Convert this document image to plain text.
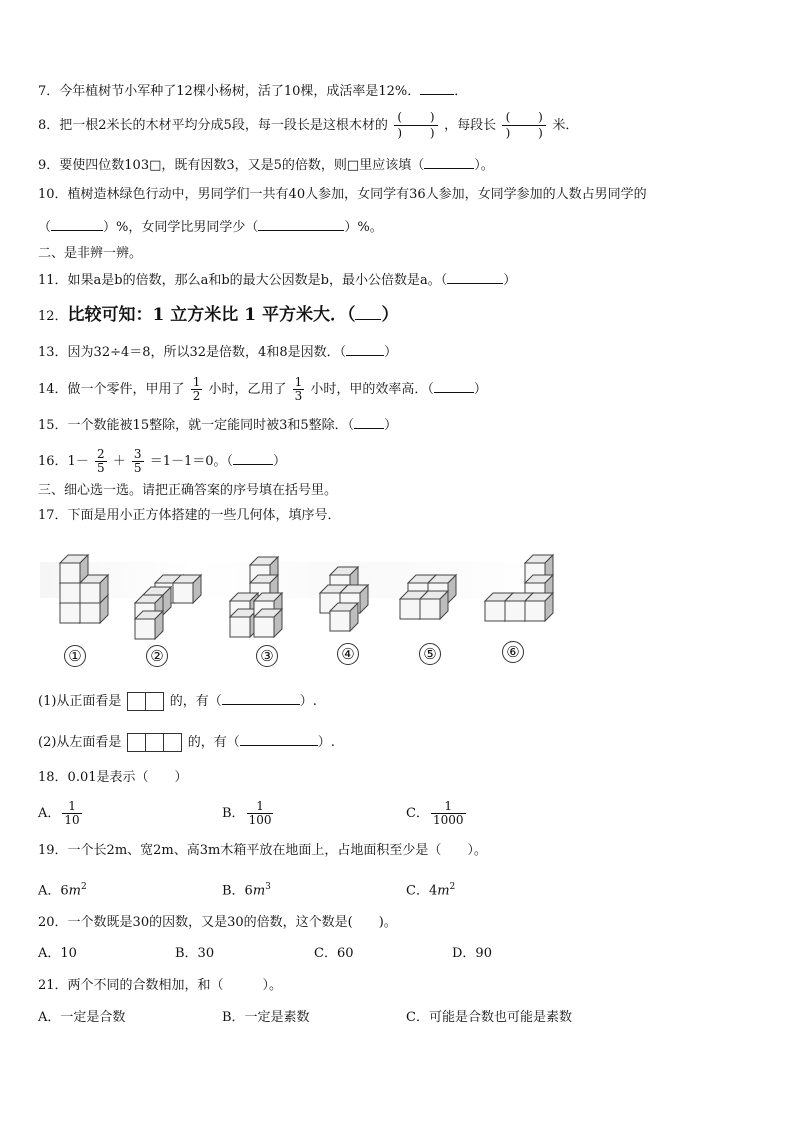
7．今年植树节小军种了12棵小杨树，活了10棵，成活率是12%．	．
8．把一根2米长的木材平均分成5段，每一段长是这根木材的
(　　 )
)　　 ) ，每段长
(　　 )
)　　 ) 米．
9．要使四位数103□，既有因数3，又是5的倍数，则□里应该填（	）。
10．植树造林绿色行动中，男同学们一共有40人参加，女同学有36人参加，女同学参加的人数占男同学的
（	）%，女同学比男同学少（	）%。
二、是非辨一辨。
11．如果a是b的倍数，那么a和b的最大公因数是b，最小公倍数是a。（	）
12．比较可知：1 立方米比 1 平方米大．（ ）
13．因为32÷4＝8，所以32是倍数，4和8是因数．（	）
14．做一个零件，甲用了 $\frac{1}{2}$ 小时，乙用了 $\frac{1}{3}$ 小时，甲的效率高．（	）
15．一个数能被15整除，就一定能同时被3和5整除．（ ）
16．$1- \frac{2}{5} + \frac{3}{5} =1-1=0$。（	）
三、细心选一选。请把正确答案的序号填在括号里。
17．下面是用小正方体搭建的一些几何体，填序号．
①	②	③	④	⑤	⑥
(1)从正面看是	的，有（	）.
(2)从左面看是	的，有（	）.
18．0.01是表示（　　）
A． $\frac{1}{10}$	B． $\frac{1}{100}$	C． $\frac{1}{1000}$
19．一个长2m、宽2m、高3m木箱平放在地面上，占地面积至少是（　　）。
A．$6m^2$	B．$6m^3$	C．$4m^2$
20．一个数既是30的因数，又是30的倍数，这个数是(　　)。
A．10	B．30	C．60	D．90
21．两个不同的合数相加，和（　　　）。
A．一定是合数	B．一定是素数	C．可能是合数也可能是素数
